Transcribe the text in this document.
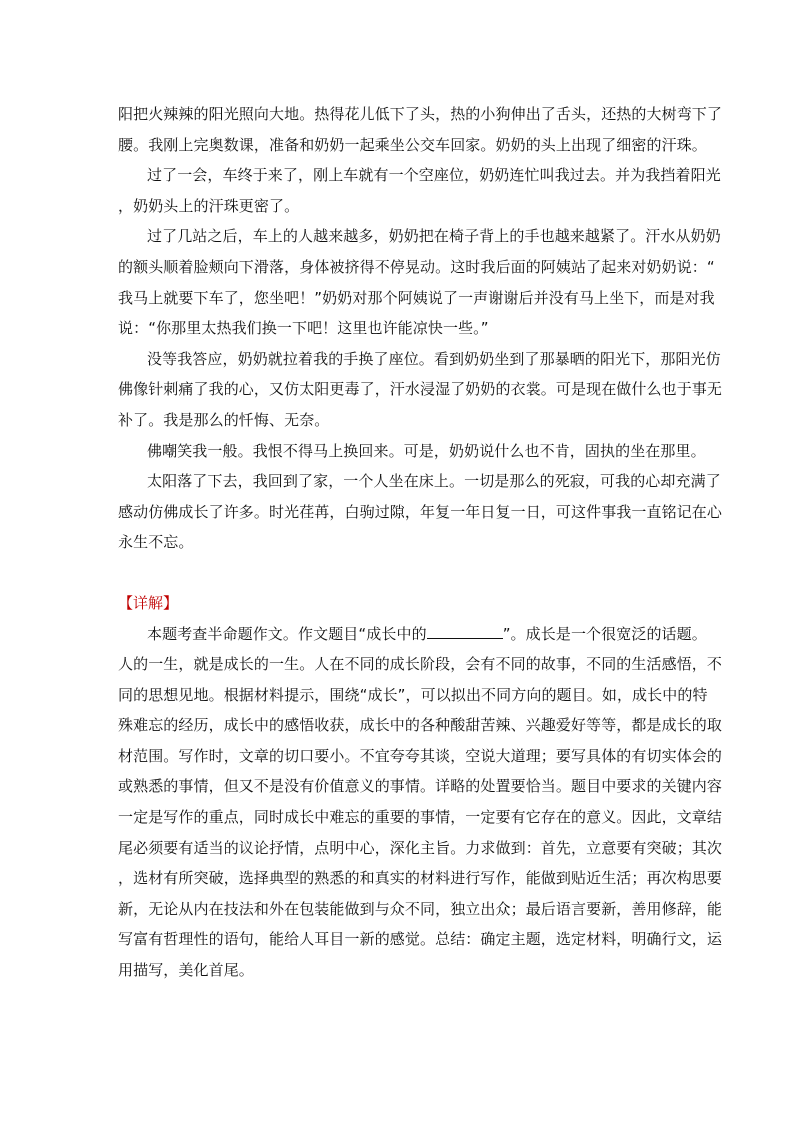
阳把火辣辣的阳光照向大地。热得花儿低下了头，热的小狗伸出了舌头，还热的大树弯下了
腰。我刚上完奥数课，准备和奶奶一起乘坐公交车回家。奶奶的头上出现了细密的汗珠。
过了一会，车终于来了，刚上车就有一个空座位，奶奶连忙叫我过去。并为我挡着阳光
，奶奶头上的汗珠更密了。
过了几站之后，车上的人越来越多，奶奶把在椅子背上的手也越来越紧了。汗水从奶奶
的额头顺着脸颊向下滑落，身体被挤得不停晃动。这时我后面的阿姨站了起来对奶奶说：“
我马上就要下车了，您坐吧！”奶奶对那个阿姨说了一声谢谢后并没有马上坐下，而是对我
说：“你那里太热我们换一下吧！这里也许能凉快一些。”
没等我答应，奶奶就拉着我的手换了座位。看到奶奶坐到了那暴晒的阳光下，那阳光仿
佛像针刺痛了我的心，又仿太阳更毒了，汗水浸湿了奶奶的衣裳。可是现在做什么也于事无
补了。我是那么的忏悔、无奈。
佛嘲笑我一般。我恨不得马上换回来。可是，奶奶说什么也不肯，固执的坐在那里。
太阳落了下去，我回到了家，一个人坐在床上。一切是那么的死寂，可我的心却充满了
感动仿佛成长了许多。时光荏苒，白驹过隙，年复一年日复一日，可这件事我一直铭记在心
永生不忘。
【详解】
本题考查半命题作文。作文题目“成长中的	”。成长是一个很宽泛的话题。
人的一生，就是成长的一生。人在不同的成长阶段，会有不同的故事，不同的生活感悟，不
同的思想见地。根据材料提示，围绕“成长”，可以拟出不同方向的题目。如，成长中的特
殊难忘的经历，成长中的感悟收获，成长中的各种酸甜苦辣、兴趣爱好等等，都是成长的取
材范围。写作时，文章的切口要小。不宜夸夸其谈，空说大道理；要写具体的有切实体会的
或熟悉的事情，但又不是没有价值意义的事情。详略的处置要恰当。题目中要求的关键内容
一定是写作的重点，同时成长中难忘的重要的事情，一定要有它存在的意义。因此，文章结
尾必须要有适当的议论抒情，点明中心，深化主旨。力求做到：首先，立意要有突破；其次
，选材有所突破，选择典型的熟悉的和真实的材料进行写作，能做到贴近生活；再次构思要
新，无论从内在技法和外在包装能做到与众不同，独立出众；最后语言要新，善用修辞，能
写富有哲理性的语句，能给人耳目一新的感觉。总结：确定主题，选定材料，明确行文，运
用描写，美化首尾。
